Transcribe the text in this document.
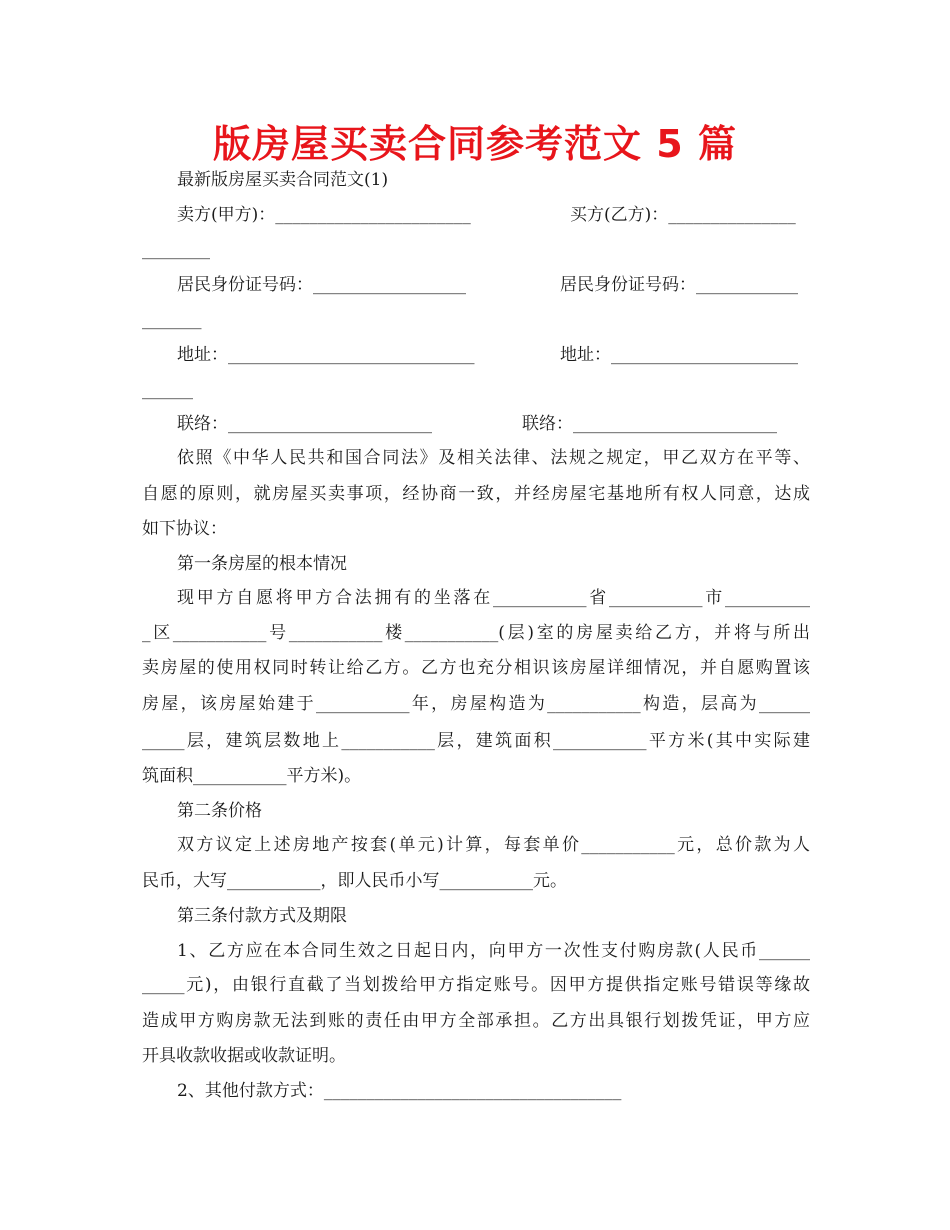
版房屋买卖合同参考范文 5 篇
最新版房屋买卖合同范文(1)
卖方(甲方)：_______________________	买方(乙方)：_______________
________
居民身份证号码：__________________	居民身份证号码：____________
_______
地址：_____________________________	地址：______________________
______
联络：________________________	联络：________________________
依照《中华人民共和国合同法》及相关法律、法规之规定，甲乙双方在平等、
自愿的原则，就房屋买卖事项，经协商一致，并经房屋宅基地所有权人同意，达成
如下协议：
第一条房屋的根本情况
现甲方自愿将甲方合法拥有的坐落在___________省___________市__________
_区___________号___________楼___________(层)室的房屋卖给乙方，并将与所出
卖房屋的使用权同时转让给乙方。乙方也充分相识该房屋详细情况，并自愿购置该
房屋，该房屋始建于___________年，房屋构造为___________构造，层高为______
_____层，建筑层数地上___________层，建筑面积___________平方米(其中实际建
筑面积___________平方米)。
第二条价格
双方议定上述房地产按套(单元)计算，每套单价___________元，总价款为人
民币，大写___________，即人民币小写___________元。
第三条付款方式及期限
1、乙方应在本合同生效之日起日内，向甲方一次性支付购房款(人民币______
_____元)，由银行直截了当划拨给甲方指定账号。因甲方提供指定账号错误等缘故
造成甲方购房款无法到账的责任由甲方全部承担。乙方出具银行划拨凭证，甲方应
开具收款收据或收款证明。
2、其他付款方式：___________________________________
